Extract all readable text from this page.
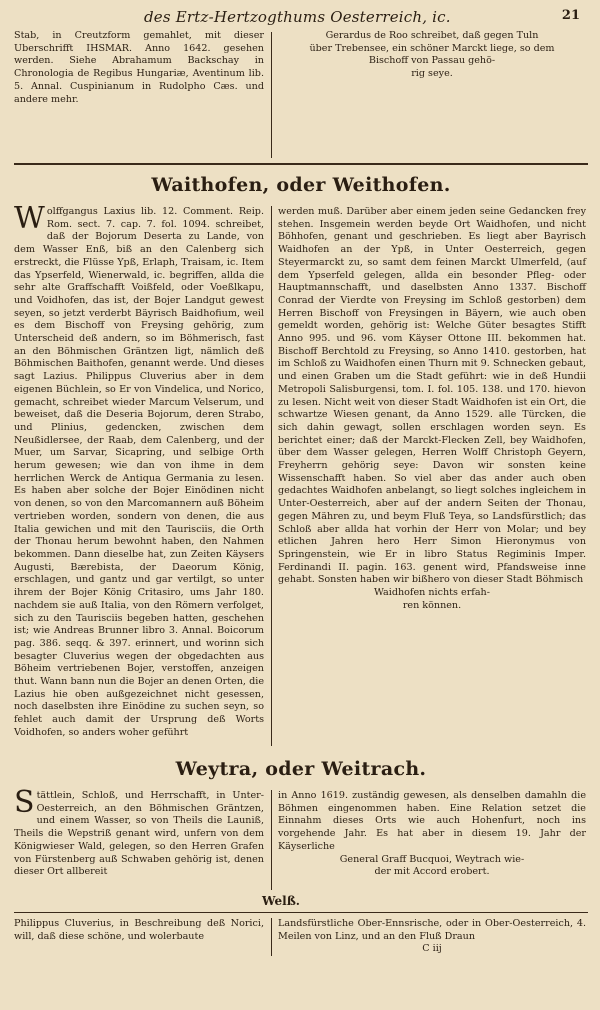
des Ertz-Hertzogthums Oesterreich, ic.	21

Stab, in Creutzform gemahlet, mit dieser Uberschrifft IHSMAR. Anno 1642. gesehen werden. Siehe Abrahamum Backschay in Chronologia de Regibus Hungariæ, Aventinum lib. 5. Annal. Cuspinianum in Rudolpho Cæs. und andere mehr.

Gerardus de Roo schreibet, daß gegen Tuln

über Trebensee, ein schöner Marckt liege, so dem

Bischoff von Passau gehö-

rig seye.

Waithofen, oder Weithofen.

Wolffgangus Laxius lib. 12. Comment. Reip. Rom. sect. 7. cap. 7. fol. 1094. schreibet, daß der Bojorum Deserta zu Lande, von dem Wasser Enß, biß an den Calenberg sich erstreckt, die Flüsse Ypß, Erlaph, Traisam, ic. Item das Ypserfeld, Wienerwald, ic. begriffen, allda die sehr alte Graffschafft Voißfeld, oder Voeßlkapu, und Voidhofen, das ist, der Bojer Landgut gewest seyen, so jetzt verderbt Bäyrisch Baidhofium, weil es dem Bischoff von Freysing gehörig, zum Unterscheid deß andern, so im Böhmerisch, fast an den Böhmischen Gräntzen ligt, nämlich deß Böhmischen Baithofen, genannt werde. Und dieses sagt Lazius. Philippus Cluverius aber in dem eigenen Büchlein, so Er von Vindelica, und Norico, gemacht, schreibet wieder Marcum Velserum, und beweiset, daß die Deseria Bojorum, deren Strabo, und Plinius, gedencken, zwischen dem Neußidlersee, der Raab, dem Calenberg, und der Muer, um Sarvar, Sicapring, und selbige Orth herum gewesen; wie dan von ihme in dem herrlichen Werck de Antiqua Germania zu lesen. Es haben aber solche der Bojer Einödinen nicht von denen, so von den Marcomannern auß Böheim vertrieben worden, sondern von denen, die aus Italia gewichen und mit den Taurisciis, die Orth der Thonau herum bewohnt haben, den Nahmen bekommen. Dann dieselbe hat, zun Zeiten Käysers Augusti, Bærebista, der Daeorum König, erschlagen, und gantz und gar vertilgt, so unter ihrem der Bojer König Critasiro, ums Jahr 180. nachdem sie auß Italia, von den Römern verfolget, sich zu den Taurisciis begeben hatten, geschehen ist; wie Andreas Brunner libro 3. Annal. Boicorum pag. 386. seqq. & 397. erinnert, und worinn sich besagter Cluverius wegen der obgedachten aus Böheim vertriebenen Bojer, verstoffen, anzeigen thut. Wann bann nun die Bojer an denen Orten, die Lazius hie oben außgezeichnet nicht gesessen, noch daselbsten ihre Einödine zu suchen seyn, so fehlet auch damit der Ursprung deß Worts Voidhofen, so anders woher geführt

werden muß. Darüber aber einem jeden seine Gedancken frey stehen. Insgemein werden beyde Ort Waidhofen, und nicht Böhhofen, genant und geschrieben. Es liegt aber Bayrisch Waidhofen an der Ypß, in Unter Oesterreich, gegen Steyermarckt zu, so samt dem feinen Marckt Ulmerfeld, (auf dem Ypserfeld gelegen, allda ein besonder Pfleg- oder Hauptmannschafft, und daselbsten Anno 1337. Bischoff Conrad der Vierdte von Freysing im Schloß gestorben) dem Herren Bischoff von Freysingen in Bäyern, wie auch oben gemeldt worden, gehörig ist: Welche Güter besagtes Stifft Anno 995. und 96. vom Käyser Ottone III. bekommen hat. Bischoff Berchtold zu Freysing, so Anno 1410. gestorben, hat im Schloß zu Waidhofen einen Thurn mit 9. Schnecken gebaut, und einen Graben um die Stadt geführt: wie in deß Hundii Metropoli Salisburgensi, tom. I. fol. 105. 138. und 170. hievon zu lesen. Nicht weit von dieser Stadt Waidhofen ist ein Ort, die schwartze Wiesen genant, da Anno 1529. alle Türcken, die sich dahin gewagt, sollen erschlagen worden seyn. Es berichtet einer; daß der Marckt-Flecken Zell, bey Waidhofen, über dem Wasser gelegen, Herren Wolff Christoph Geyern, Freyherrn gehörig seye: Davon wir sonsten keine Wissenschafft haben. So viel aber das ander auch oben gedachtes Waidhofen anbelangt, so liegt solches ingleichem in Unter-Oesterreich, aber auf der andern Seiten der Thonau, gegen Mähren zu, und beym Fluß Teya, so Landsfürstlich; das Schloß aber allda hat vorhin der Herr von Molar; und bey etlichen Jahren hero Herr Simon Hieronymus von Springenstein, wie Er in libro Status Regiminis Imper. Ferdinandi II. pagin. 163. genent wird, Pfandsweise inne gehabt. Sonsten haben wir bißhero von dieser Stadt Böhmisch

Waidhofen nichts erfah-

ren können.

Weytra, oder Weitrach.

Stättlein, Schloß, und Herrschafft, in Unter-Oesterreich, an den Böhmischen Gräntzen, und einem Wasser, so von Theils die Launiß, Theils die Wepstriß genant wird, unfern von dem Königwieser Wald, gelegen, so den Herren Grafen von Fürstenberg auß Schwaben gehörig ist, denen dieser Ort allbereit

in Anno 1619. zuständig gewesen, als denselben damahln die Böhmen eingenommen haben. Eine Relation setzet die Einnahm dieses Orts wie auch Hohenfurt, noch ins vorgehende Jahr. Es hat aber in diesem 19. Jahr der Käyserliche

General Graff Bucquoi, Weytrach wie-

der mit Accord erobert.

Welß.

Philippus Cluverius, in Beschreibung deß Norici, will, daß diese schöne, und wolerbaute

Landsfürstliche Ober-Ennsrische, oder in Ober-Oesterreich, 4. Meilen von Linz, und an den Fluß Draun

C iij
